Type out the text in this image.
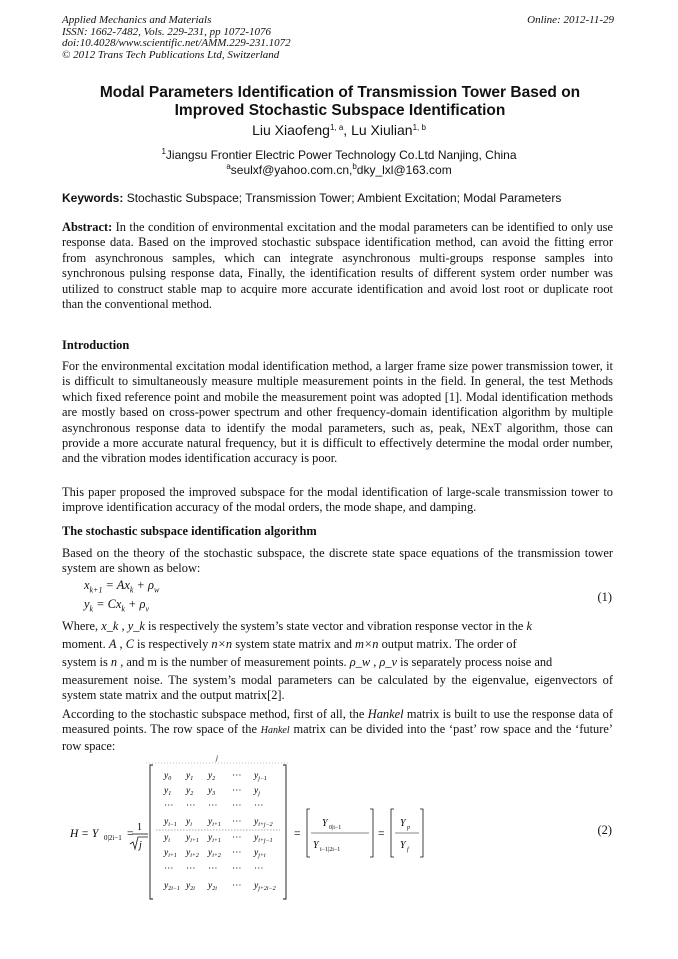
Applied Mechanics and Materials
ISSN: 1662-7482, Vols. 229-231, pp 1072-1076
doi:10.4028/www.scientific.net/AMM.229-231.1072
© 2012 Trans Tech Publications Ltd, Switzerland
Online: 2012-11-29
Modal Parameters Identification of Transmission Tower Based on
Improved Stochastic Subspace Identification
Liu Xiaofeng$^{1, a}$, Lu Xiulian$^{1, b}$
$^1$Jiangsu Frontier Electric Power Technology Co.Ltd Nanjing, China
$^a$seulxf@yahoo.com.cn,$^b$dky_lxl@163.com
Keywords: Stochastic Subspace; Transmission Tower; Ambient Excitation; Modal Parameters
Abstract: In the condition of environmental excitation and the modal parameters can be identified to only use response data. Based on the improved stochastic subspace identification method, can avoid the fitting error from asynchronous samples, which can integrate asynchronous multi-groups response samples into synchronous pulsing response data, Finally, the identification results of different system order number was utilized to construct stable map to acquire more accurate identification and avoid lost root or duplicate root than the conventional method.
Introduction
For the environmental excitation modal identification method, a larger frame size power transmission tower, it is difficult to simultaneously measure multiple measurement points in the field. In general, the test Methods which fixed reference point and mobile the measurement point was adopted [1]. Modal identification methods are mostly based on cross-power spectrum and other frequency-domain identification algorithm by multiple asynchronous response data to identify the modal parameters, such as, peak, NExT algorithm, those can provide a more accurate natural frequency, but it is difficult to effectively determine the modal order number, and the vibration modes identification accuracy is poor.
This paper proposed the improved subspace for the modal identification of large-scale transmission tower to improve identification accuracy of the modal orders, the mode shape, and damping.
The stochastic subspace identification algorithm
Based on the theory of the stochastic subspace, the discrete state space equations of the transmission tower system are shown as below:
$x_{k+1} = Ax_k + \rho_w$
$y_k = Cx_k + \rho_v$
(1)
Where, x_k , y_k is respectively the system’s state vector and vibration response vector in the k
moment. A , C is respectively n×n system state matrix and m×n output matrix. The order of
system is n , and m is the number of measurement points. ρ_w , ρ_v is separately process noise and
measurement noise. The system’s modal parameters can be calculated by the eigenvalue, eigenvectors of system state matrix and the output matrix[2].
According to the stochastic subspace method, first of all, the Hankel matrix is built to use the response data of measured points. The row space of the Hankel matrix can be divided into the ‘past’ row space and the ‘future’ row space:
j
H = Y 0|2i−1 =
1
j
$y_0$ $y_1$ $y_2$ ⋯ $y_{j-1}$
$y_1$ $y_2$ $y_3$ ⋯ $y_j$
⋯ ⋯ ⋯ ⋯ ⋯
$y_{i-1}$ $y_i$ $y_{i+1}$ ⋯ $y_{i+j-2}$
$y_i$ $y_{i+1}$ $y_{i+1}$ ⋯ $y_{i+j-1}$
$y_{i+1}$ $y_{i+2}$ $y_{i+2}$ ⋯ $y_{j+i}$
⋯ ⋯ ⋯ ⋯ ⋯
$y_{2i-1}$ $y_{2i}$ $y_{2i}$ ⋯ $y_{j+2i-2}$
=
Y 0|i−1
Y i−1|2i−1
=
Y p
Y f
(2)
